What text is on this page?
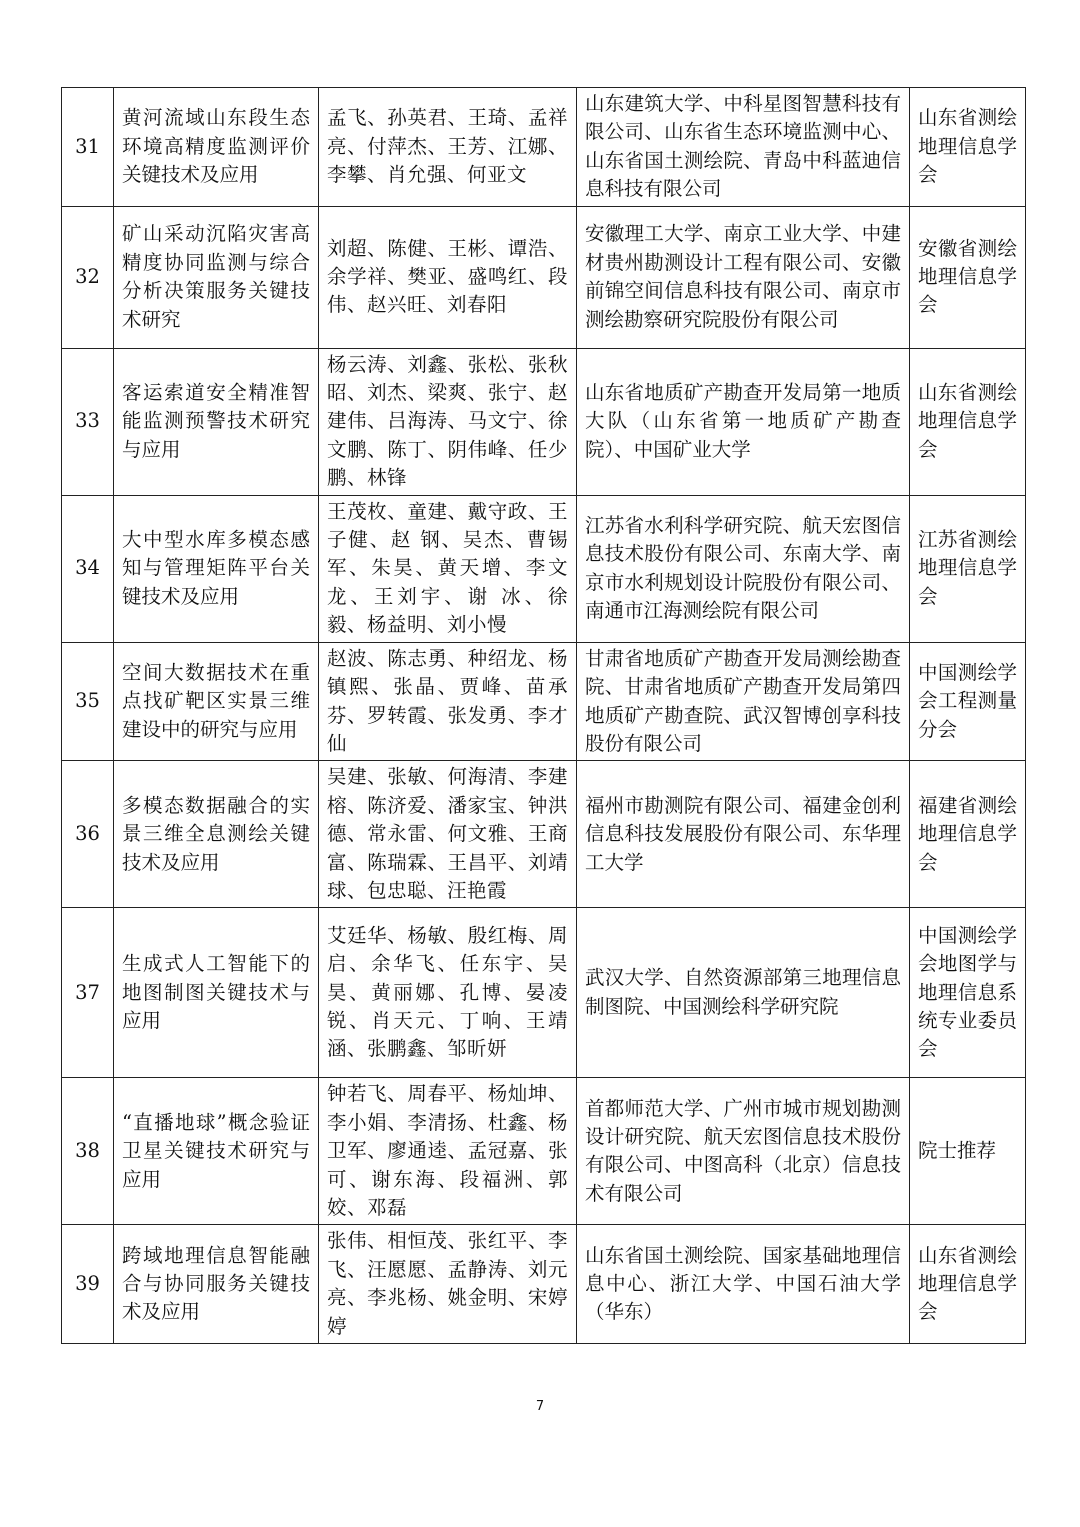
31	黄河流域山东段生态环境高精度监测评价关键技术及应用	孟飞、孙英君、王琦、孟祥亮、付萍杰、王芳、江娜、李攀、肖允强、何亚文	山东建筑大学、中科星图智慧科技有限公司、山东省生态环境监测中心、山东省国土测绘院、青岛中科蓝迪信息科技有限公司	山东省测绘地理信息学会
32	矿山采动沉陷灾害高精度协同监测与综合分析决策服务关键技术研究	刘超、陈健、王彬、谭浩、余学祥、樊亚、盛鸣红、段伟、赵兴旺、刘春阳	安徽理工大学、南京工业大学、中建材贵州勘测设计工程有限公司、安徽前锦空间信息科技有限公司、南京市测绘勘察研究院股份有限公司	安徽省测绘地理信息学会
33	客运索道安全精准智能监测预警技术研究与应用	杨云涛、刘鑫、张松、张秋昭、刘杰、梁爽、张宁、赵建伟、吕海涛、马文宁、徐文鹏、陈丁、阴伟峰、任少鹏、林锋	山东省地质矿产勘查开发局第一地质大队（山东省第一地质矿产勘查院）、中国矿业大学	山东省测绘地理信息学会
34	大中型水库多模态感知与管理矩阵平台关键技术及应用	王茂枚、童建、戴守政、王子健、赵 钢、吴杰、曹锡军、朱昊、黄天增、李文龙、王刘宇、谢 冰、徐 毅、杨益明、刘小慢	江苏省水利科学研究院、航天宏图信息技术股份有限公司、东南大学、南京市水利规划设计院股份有限公司、南通市江海测绘院有限公司	江苏省测绘地理信息学会
35	空间大数据技术在重点找矿靶区实景三维建设中的研究与应用	赵波、陈志勇、种绍龙、杨镇熙、张晶、贾峰、苗承芬、罗转霞、张发勇、李才仙	甘肃省地质矿产勘查开发局测绘勘查院、甘肃省地质矿产勘查开发局第四地质矿产勘查院、武汉智博创享科技股份有限公司	中国测绘学会工程测量分会
36	多模态数据融合的实景三维全息测绘关键技术及应用	吴建、张敏、何海清、李建榕、陈济爱、潘家宝、钟洪德、常永雷、何文雅、王商富、陈瑞霖、王昌平、刘靖球、包忠聪、汪艳霞	福州市勘测院有限公司、福建金创利信息科技发展股份有限公司、东华理工大学	福建省测绘地理信息学会
37	生成式人工智能下的地图制图关键技术与应用	艾廷华、杨敏、殷红梅、周启、余华飞、任东宇、吴昊、黄丽娜、孔博、晏凌锐、肖天元、丁响、王靖涵、张鹏鑫、邹昕妍	武汉大学、自然资源部第三地理信息制图院、中国测绘科学研究院	中国测绘学会地图学与地理信息系统专业委员会
38	“直播地球”概念验证卫星关键技术研究与应用	钟若飞、周春平、杨灿坤、李小娟、李清扬、杜鑫、杨卫军、廖通逵、孟冠嘉、张可、谢东海、段福洲、郭姣、邓磊	首都师范大学、广州市城市规划勘测设计研究院、航天宏图信息技术股份有限公司、中图高科（北京）信息技术有限公司	院士推荐
39	跨域地理信息智能融合与协同服务关键技术及应用	张伟、相恒茂、张红平、李飞、汪愿愿、孟静涛、刘元亮、李兆杨、姚金明、宋婷婷	山东省国土测绘院、国家基础地理信息中心、浙江大学、中国石油大学（华东）	山东省测绘地理信息学会
7
